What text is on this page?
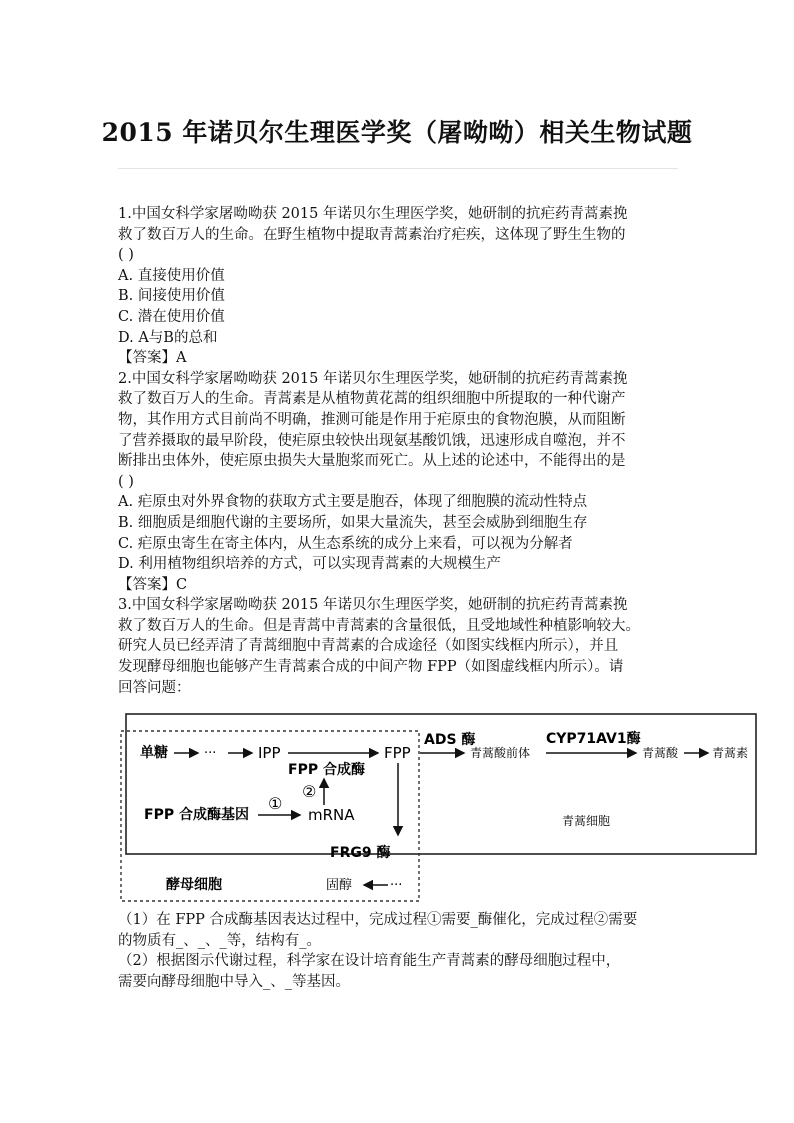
2015 年诺贝尔生理医学奖（屠呦呦）相关生物试题

1.中国女科学家屠呦呦获 2015 年诺贝尔生理医学奖，她研制的抗疟药青蒿素挽

救了数百万人的生命。在野生植物中提取青蒿素治疗疟疾，这体现了野生生物的

( )

A. 直接使用价值

B. 间接使用价值

C. 潜在使用价值

D. A与B的总和

【答案】A

2.中国女科学家屠呦呦获 2015 年诺贝尔生理医学奖，她研制的抗疟药青蒿素挽

救了数百万人的生命。青蒿素是从植物黄花蒿的组织细胞中所提取的一种代谢产

物，其作用方式目前尚不明确，推测可能是作用于疟原虫的食物泡膜，从而阻断

了营养摄取的最早阶段，使疟原虫较快出现氨基酸饥饿，迅速形成自噬泡，并不

断排出虫体外，使疟原虫损失大量胞浆而死亡。从上述的论述中，不能得出的是

( )

A. 疟原虫对外界食物的获取方式主要是胞吞，体现了细胞膜的流动性特点

B. 细胞质是细胞代谢的主要场所，如果大量流失，甚至会威胁到细胞生存

C. 疟原虫寄生在寄主体内，从生态系统的成分上来看，可以视为分解者

D. 利用植物组织培养的方式，可以实现青蒿素的大规模生产

【答案】C

3.中国女科学家屠呦呦获 2015 年诺贝尔生理医学奖，她研制的抗疟药青蒿素挽

救了数百万人的生命。但是青蒿中青蒿素的含量很低，且受地域性种植影响较大。

研究人员已经弄清了青蒿细胞中青蒿素的合成途径（如图实线框内所示），并且

发现酵母细胞也能够产生青蒿素合成的中间产物 FPP（如图虚线框内所示）。请

回答问题：

单糖	···	IPP	FPP
FPP 合成酶
ADS 酶
青蒿酸前体
CYP71AV1酶
青蒿酸	青蒿素
FPP 合成酶基因
①
mRNA
②
青蒿细胞
FRG9 酶
酵母细胞	固醇	···

（1）在 FPP 合成酶基因表达过程中，完成过程①需要_酶催化，完成过程②需要

的物质有_、_、_等，结构有_。

（2）根据图示代谢过程，科学家在设计培育能生产青蒿素的酵母细胞过程中，

需要向酵母细胞中导入_、_等基因。
